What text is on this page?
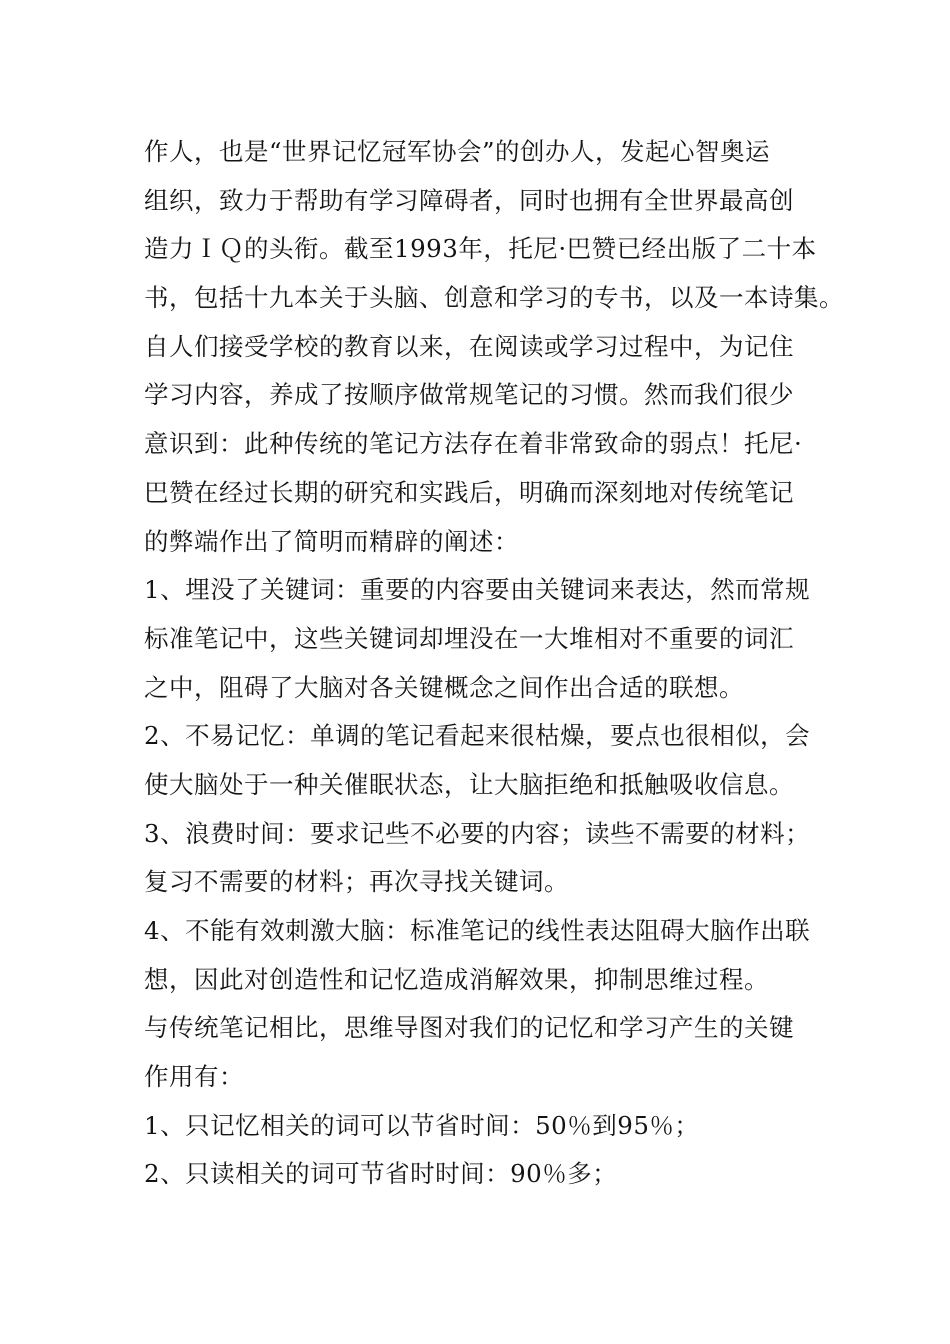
作人，也是“世界记忆冠军协会”的创办人，发起心智奥运
组织，致力于帮助有学习障碍者，同时也拥有全世界最高创
造力ＩＱ的头衔。截至1993年，托尼·巴赞已经出版了二十本
书，包括十九本关于头脑、创意和学习的专书，以及一本诗集。
自人们接受学校的教育以来，在阅读或学习过程中，为记住
学习内容，养成了按顺序做常规笔记的习惯。然而我们很少
意识到：此种传统的笔记方法存在着非常致命的弱点！托尼·
巴赞在经过长期的研究和实践后，明确而深刻地对传统笔记
的弊端作出了简明而精辟的阐述：
1、埋没了关键词：重要的内容要由关键词来表达，然而常规
标准笔记中，这些关键词却埋没在一大堆相对不重要的词汇
之中，阻碍了大脑对各关键概念之间作出合适的联想。
2、不易记忆：单调的笔记看起来很枯燥，要点也很相似，会
使大脑处于一种关催眠状态，让大脑拒绝和抵触吸收信息。
3、浪费时间：要求记些不必要的内容；读些不需要的材料；
复习不需要的材料；再次寻找关键词。
4、不能有效刺激大脑：标准笔记的线性表达阻碍大脑作出联
想，因此对创造性和记忆造成消解效果，抑制思维过程。
与传统笔记相比，思维导图对我们的记忆和学习产生的关键
作用有：
1、只记忆相关的词可以节省时间：50％到95％；
2、只读相关的词可节省时时间：90％多；
